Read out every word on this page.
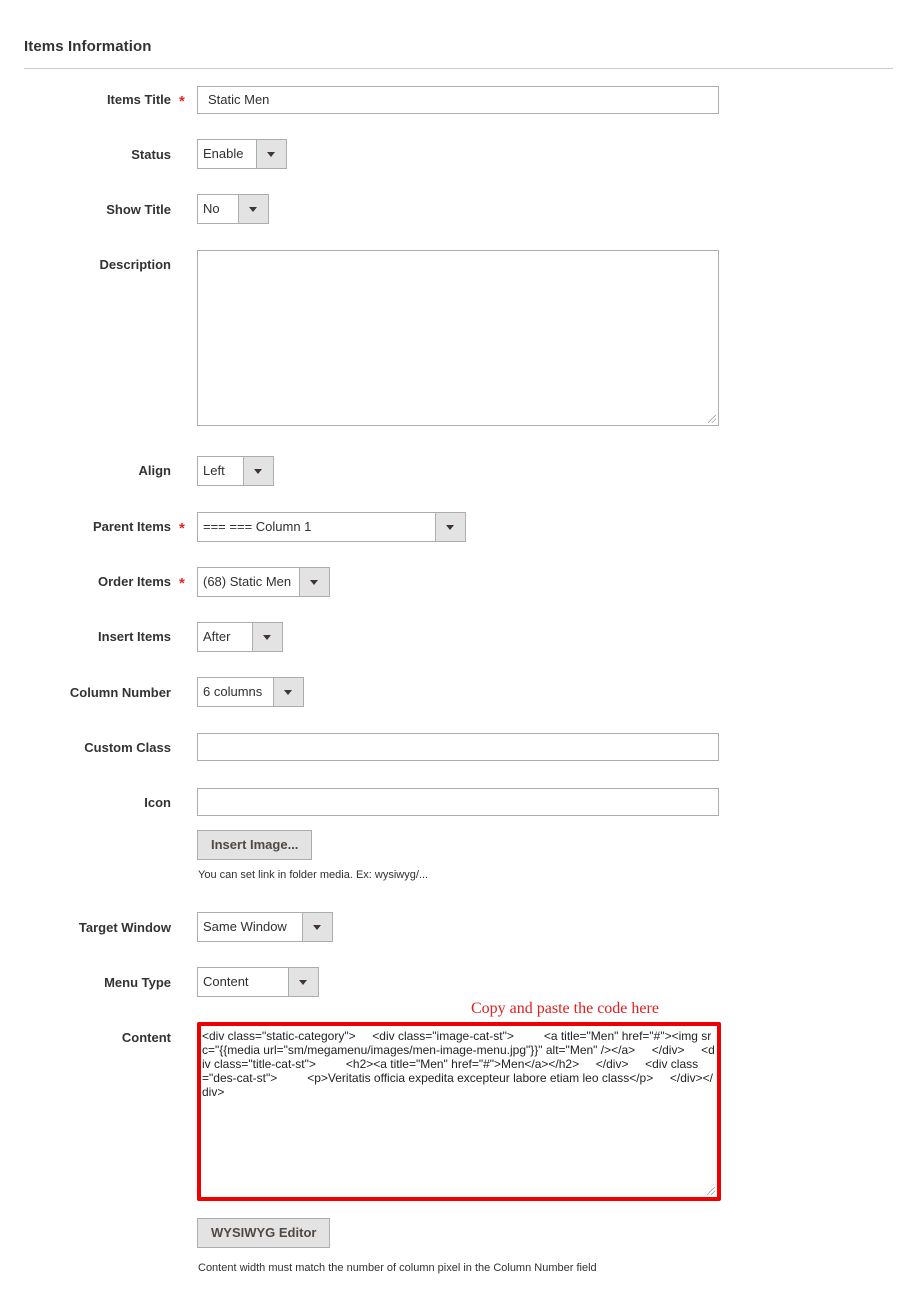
Items Information
Items Title *	Static Men
Status Enable
Show Title No
Description
Align Left
Parent Items * === === Column 1
Order Items * (68) Static Men
Insert Items After
Column Number 6 columns
Custom Class
Icon
Insert Image...
You can set link in folder media. Ex: wysiwyg/...
Target Window Same Window
Menu Type Content
Copy and paste the code here
Content	<div class="static-category">     <div class="image-cat-st">         <a title="Men" href="#"><img src="{{media url="sm/megamenu/images/men-image-menu.jpg"}}" alt="Men" /></a>     </div>     <div class="title-cat-st">         <h2><a title="Men" href="#">Men</a></h2>     </div>     <div class="des-cat-st">         <p>Veritatis officia expedita excepteur labore etiam leo class</p>     </div></div>
WYSIWYG Editor
Content width must match the number of column pixel in the Column Number field
